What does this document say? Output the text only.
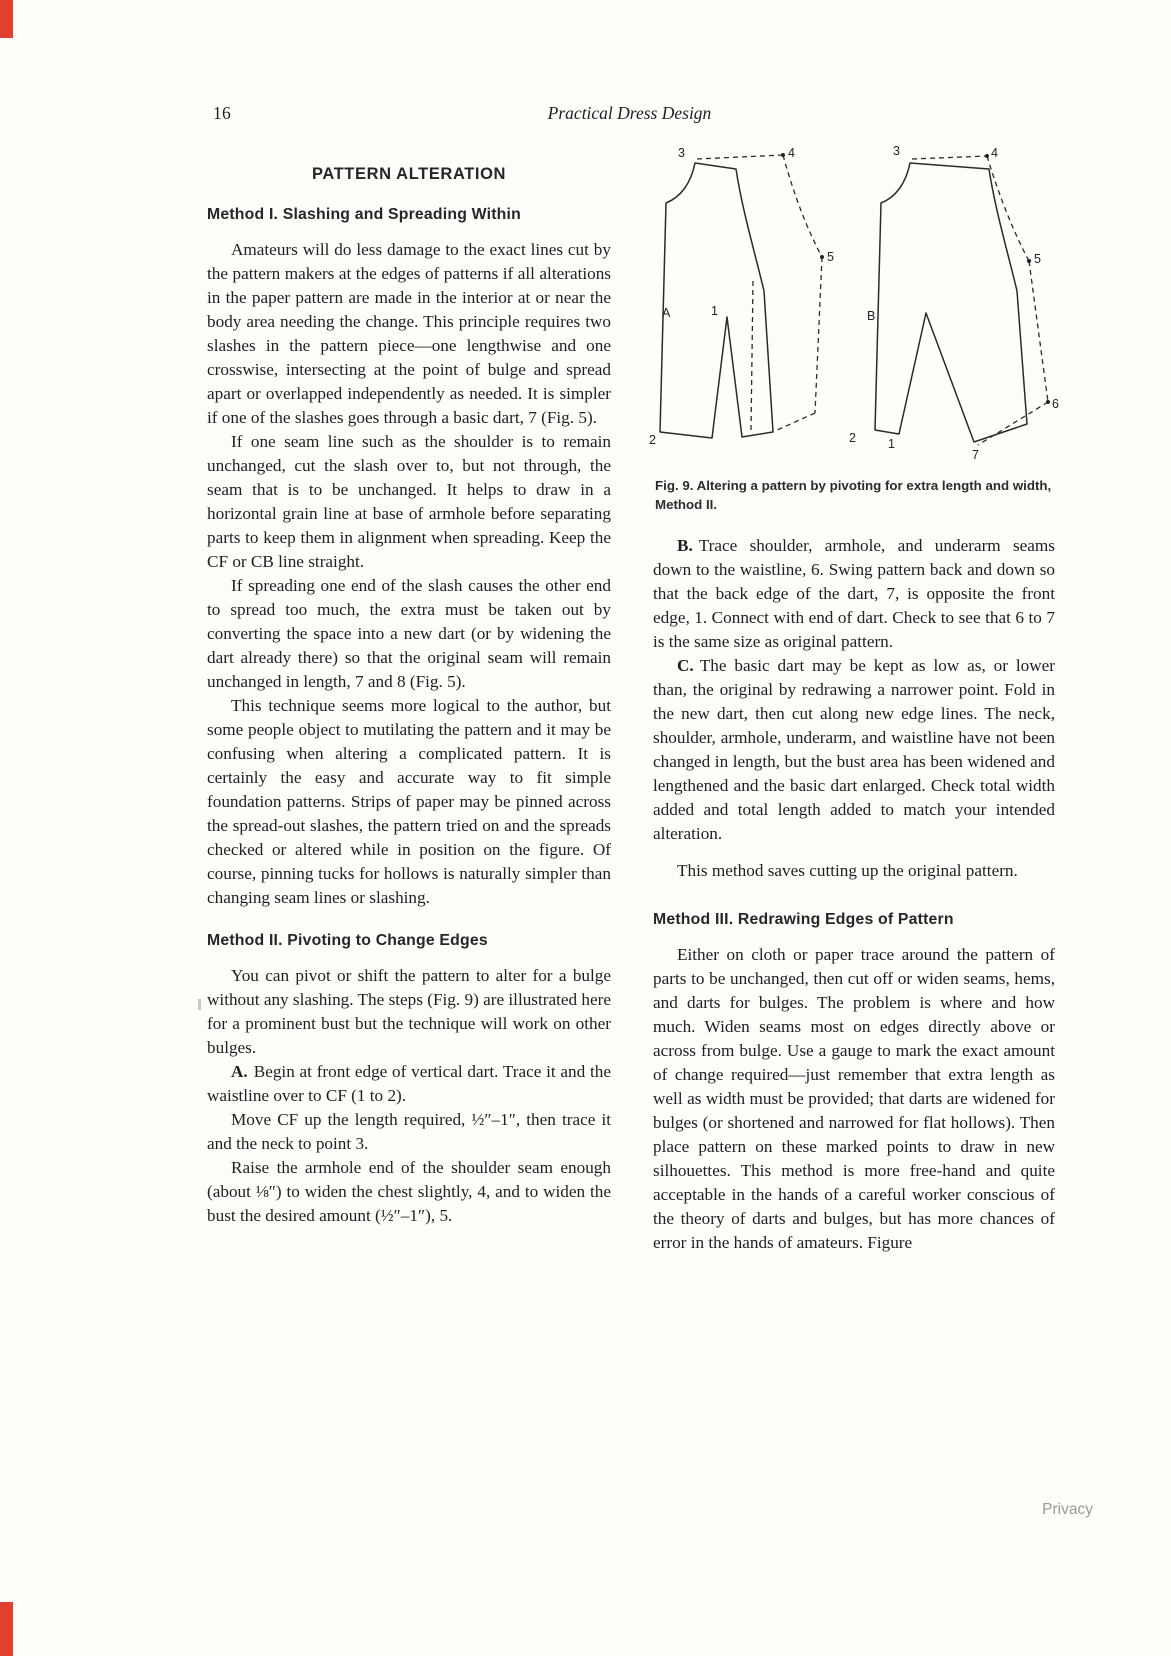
16	Practical Dress Design
PATTERN ALTERATION
Method I. Slashing and Spreading Within

Amateurs will do less damage to the exact lines cut by the pattern makers at the edges of patterns if all alterations in the paper pattern are made in the interior at or near the body area needing the change. This principle requires two slashes in the pattern piece—one lengthwise and one crosswise, intersecting at the point of bulge and spread apart or overlapped independently as needed. It is simpler if one of the slashes goes through a basic dart, 7 (Fig. 5).

If one seam line such as the shoulder is to remain unchanged, cut the slash over to, but not through, the seam that is to be unchanged. It helps to draw in a horizontal grain line at base of armhole before separating parts to keep them in alignment when spreading. Keep the CF or CB line straight.

If spreading one end of the slash causes the other end to spread too much, the extra must be taken out by converting the space into a new dart (or by widening the dart already there) so that the original seam will remain unchanged in length, 7 and 8 (Fig. 5).

This technique seems more logical to the author, but some people object to mutilating the pattern and it may be confusing when altering a complicated pattern. It is certainly the easy and accurate way to fit simple foundation patterns. Strips of paper may be pinned across the spread-out slashes, the pattern tried on and the spreads checked or altered while in position on the figure. Of course, pinning tucks for hollows is naturally simpler than changing seam lines or slashing.

Method II. Pivoting to Change Edges

You can pivot or shift the pattern to alter for a bulge without any slashing. The steps (Fig. 9) are illustrated here for a prominent bust but the technique will work on other bulges.

A. Begin at front edge of vertical dart. Trace it and the waistline over to CF (1 to 2).

Move CF up the length required, ½″–1″, then trace it and the neck to point 3.

Raise the armhole end of the shoulder seam enough (about ⅛″) to widen the chest slightly, 4, and to widen the bust the desired amount (½″–1″), 5.

3	4
5
1
A
2
3	4
5
6
7
1
2
B
Fig. 9. Altering a pattern by pivoting for extra length and width, Method II.

B. Trace shoulder, armhole, and underarm seams down to the waistline, 6. Swing pattern back and down so that the back edge of the dart, 7, is opposite the front edge, 1. Connect with end of dart. Check to see that 6 to 7 is the same size as original pattern.

C. The basic dart may be kept as low as, or lower than, the original by redrawing a narrower point. Fold in the new dart, then cut along new edge lines. The neck, shoulder, armhole, underarm, and waistline have not been changed in length, but the bust area has been widened and lengthened and the basic dart enlarged. Check total width added and total length added to match your intended alteration.

This method saves cutting up the original pattern.

Method III. Redrawing Edges of Pattern

Either on cloth or paper trace around the pattern of parts to be unchanged, then cut off or widen seams, hems, and darts for bulges. The problem is where and how much. Widen seams most on edges directly above or across from bulge. Use a gauge to mark the exact amount of change required—just remember that extra length as well as width must be provided; that darts are widened for bulges (or shortened and narrowed for flat hollows). Then place pattern on these marked points to draw in new silhouettes. This method is more free-hand and quite acceptable in the hands of a careful worker conscious of the theory of darts and bulges, but has more chances of error in the hands of amateurs. Figure

Privacy
